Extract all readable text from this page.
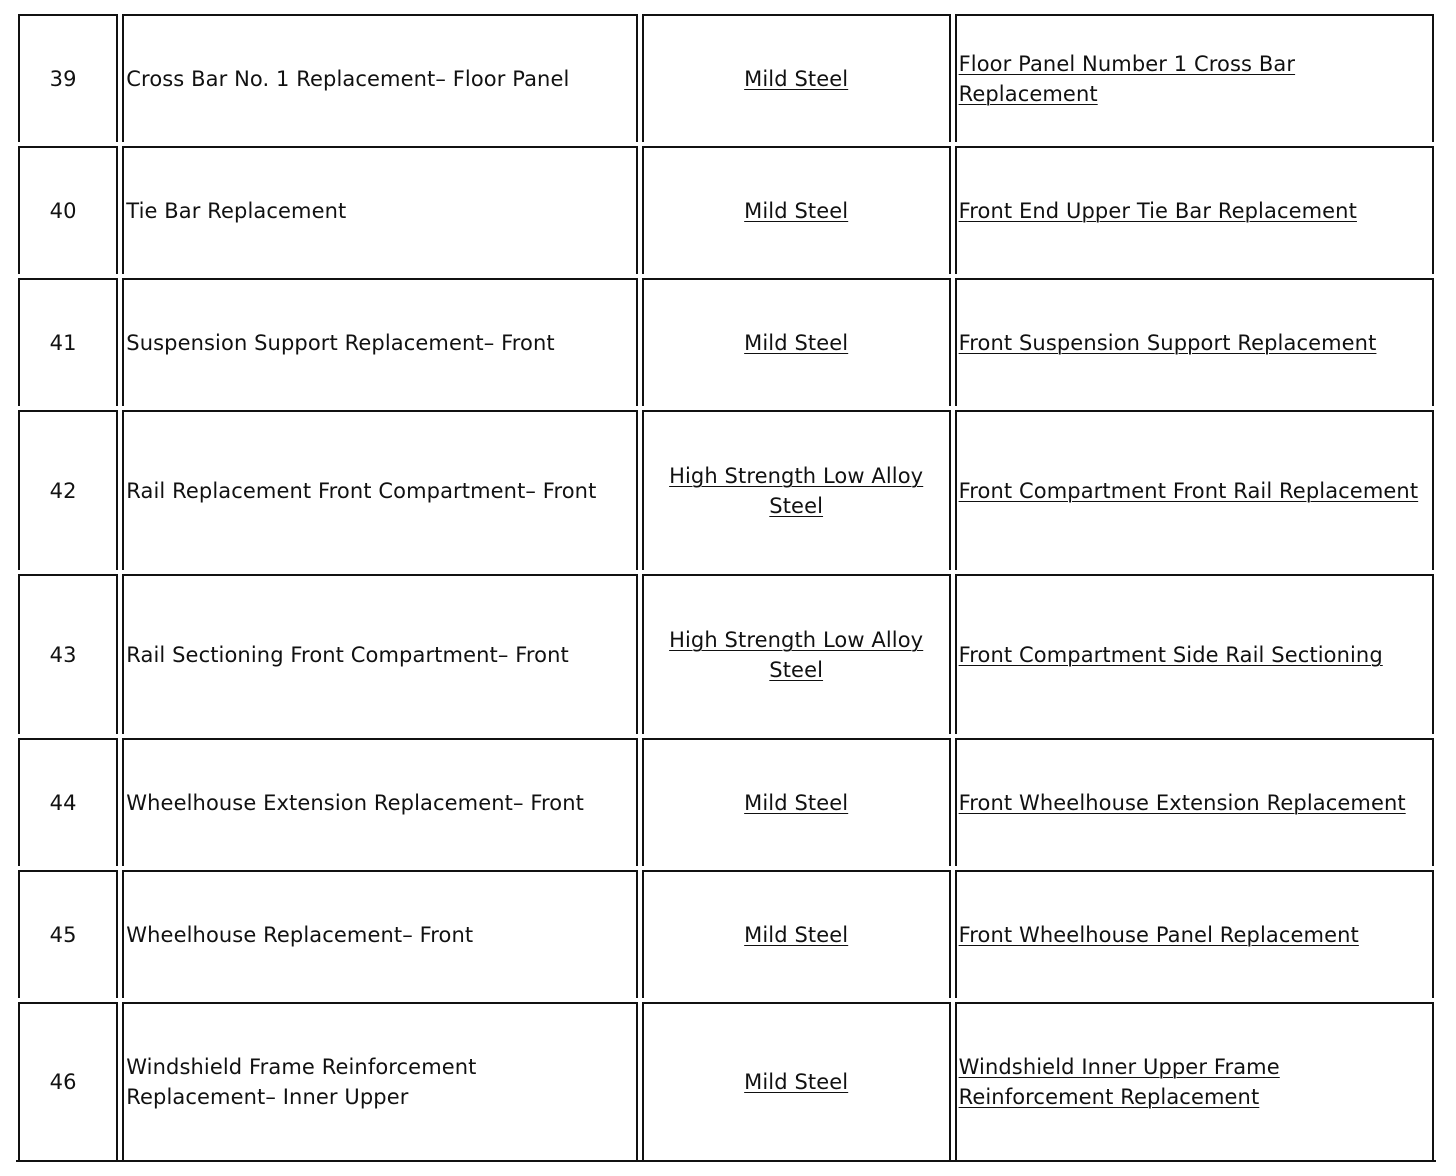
39	Cross Bar No. 1 Replacement– Floor Panel	Mild Steel	Floor Panel Number 1 Cross Bar Replacement
40	Tie Bar Replacement	Mild Steel	Front End Upper Tie Bar Replacement
41	Suspension Support Replacement– Front	Mild Steel	Front Suspension Support Replacement
42	Rail Replacement Front Compartment– Front	High Strength Low Alloy Steel	Front Compartment Front Rail Replacement
43	Rail Sectioning Front Compartment– Front	High Strength Low Alloy Steel	Front Compartment Side Rail Sectioning
44	Wheelhouse Extension Replacement– Front	Mild Steel	Front Wheelhouse Extension Replacement
45	Wheelhouse Replacement– Front	Mild Steel	Front Wheelhouse Panel Replacement
46	Windshield Frame Reinforcement Replacement– Inner Upper	Mild Steel	Windshield Inner Upper Frame Reinforcement Replacement
